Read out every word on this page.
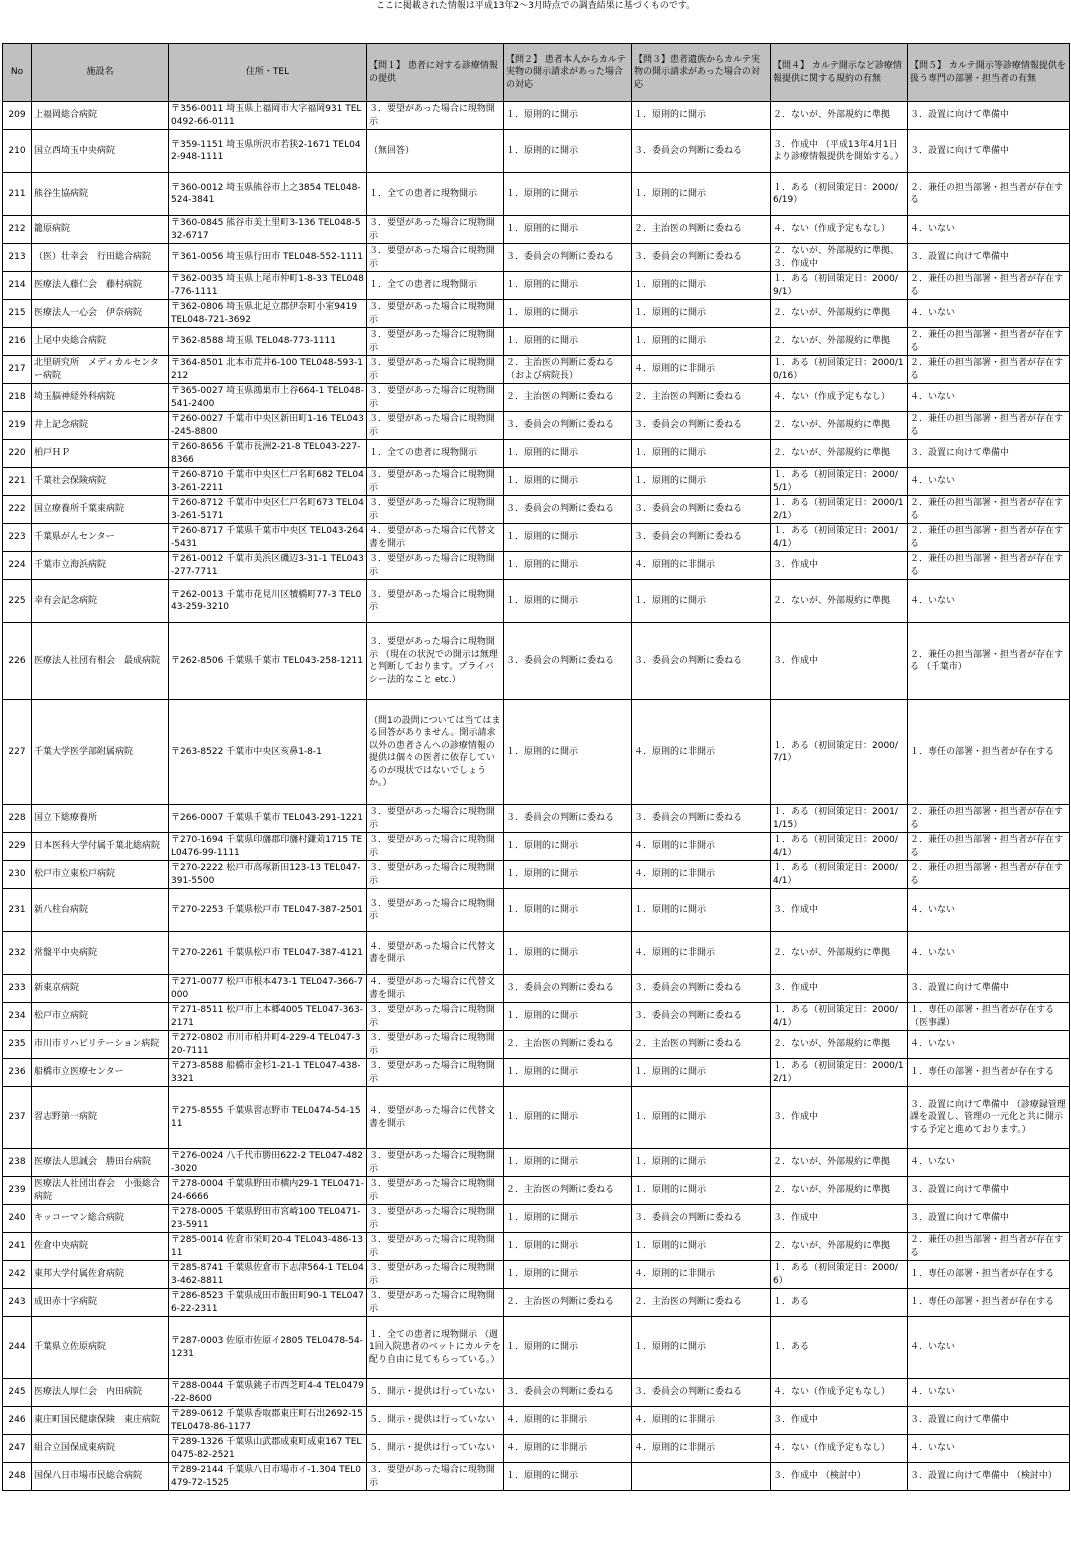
ここに掲載された情報は平成13年2〜3月時点での調査結果に基づくものです。
No	施設名	住所・TEL	【問１】 患者に対する診療情報の提供	【問２】 患者本人からカルテ実物の開示請求があった場合の対応	【問３】患者遺族からカルテ実物の開示請求があった場合の対応	【問４】 カルテ開示など診療情報提供に関する規約の有無	【問５】 カルテ開示等診療情報提供を扱う専門の部署・担当者の有無
209	上福岡総合病院	〒356-0011 埼玉県上福岡市大字福岡931 TEL0492-66-0111	３．要望があった場合に現物開示	１．原則的に開示	１．原則的に開示	２．ないが、外部規約に準拠	３．設置に向けて準備中
210	国立西埼玉中央病院	〒359-1151 埼玉県所沢市若狭2-1671 TEL042-948-1111	（無回答）	１．原則的に開示	３．委員会の判断に委ねる	３．作成中 （平成13年4月1日より診療情報提供を開始する。）	３．設置に向けて準備中
211	熊谷生協病院	〒360-0012 埼玉県熊谷市上之3854 TEL048-524-3841	１．全ての患者に現物開示	１．原則的に開示	１．原則的に開示	１．ある（初回策定日：2000/6/19）	２．兼任の担当部署・担当者が存在する
212	籠原病院	〒360-0845 熊谷市美土里町3-136 TEL048-532-6717	３．要望があった場合に現物開示	１．原則的に開示	２．主治医の判断に委ねる	４．ない（作成予定もなし）	４．いない
213	（医）壮幸会　行田総合病院	〒361-0056 埼玉県行田市 TEL048-552-1111	３．要望があった場合に現物開示	３．委員会の判断に委ねる	３．委員会の判断に委ねる	２．ないが、外部規約に準拠、３．作成中	３．設置に向けて準備中
214	医療法人藤仁会　藤村病院	〒362-0035 埼玉県上尾市仲町1-8-33 TEL048-776-1111	１．全ての患者に現物開示	１．原則的に開示	１．原則的に開示	１．ある（初回策定日：2000/9/1）	２．兼任の担当部署・担当者が存在する
215	医療法人一心会　伊奈病院	〒362-0806 埼玉県北足立郡伊奈町小室9419 TEL048-721-3692	３．要望があった場合に現物開示	１．原則的に開示	１．原則的に開示	２．ないが、外部規約に準拠	４．いない
216	上尾中央総合病院	〒362-8588 埼玉県 TEL048-773-1111	３．要望があった場合に現物開示	１．原則的に開示	１．原則的に開示	２．ないが、外部規約に準拠	２．兼任の担当部署・担当者が存在する
217	北里研究所　メディカルセンター病院	〒364-8501 北本市荒井6-100 TEL048-593-1212	３．要望があった場合に現物開示	２．主治医の判断に委ねる（および病院長）	４．原則的に非開示	１．ある（初回策定日：2000/10/16）	２．兼任の担当部署・担当者が存在する
218	埼玉脳神経外科病院	〒365-0027 埼玉県鴻巣市上谷664-1 TEL048-541-2400	３．要望があった場合に現物開示	２．主治医の判断に委ねる	２．主治医の判断に委ねる	４．ない（作成予定もなし）	４．いない
219	井上記念病院	〒260-0027 千葉市中央区新田町1-16 TEL043-245-8800	３．要望があった場合に現物開示	３．委員会の判断に委ねる	３．委員会の判断に委ねる	２．ないが、外部規約に準拠	２．兼任の担当部署・担当者が存在する
220	柏戸ＨＰ	〒260-8656 千葉市長洲2-21-8 TEL043-227-8366	１．全ての患者に現物開示	１．原則的に開示	１．原則的に開示	２．ないが、外部規約に準拠	３．設置に向けて準備中
221	千葉社会保険病院	〒260-8710 千葉市中央区仁戸名町682 TEL043-261-2211	３．要望があった場合に現物開示	１．原則的に開示	１．原則的に開示	１．ある（初回策定日：2000/5/1）	４．いない
222	国立療養所千葉東病院	〒260-8712 千葉市中央区仁戸名町673 TEL043-261-5171	３．要望があった場合に現物開示	３．委員会の判断に委ねる	３．委員会の判断に委ねる	１．ある（初回策定日：2000/12/1）	２．兼任の担当部署・担当者が存在する
223	千葉県がんセンター	〒260-8717 千葉県千葉市中央区 TEL043-264-5431	４．要望があった場合に代替文書を開示	１．原則的に開示	３．委員会の判断に委ねる	１．ある（初回策定日：2001/4/1）	２．兼任の担当部署・担当者が存在する
224	千葉市立海浜病院	〒261-0012 千葉市美浜区磯辺3-31-1 TEL043-277-7711	３．要望があった場合に現物開示	１．原則的に開示	４．原則的に非開示	３．作成中	２．兼任の担当部署・担当者が存在する
225	幸有会記念病院	〒262-0013 千葉市花見川区犢橋町77-3 TEL043-259-3210	３．要望があった場合に現物開示	１．原則的に開示	１．原則的に開示	２．ないが、外部規約に準拠	４．いない
226	医療法人社団有相会　最成病院	〒262-8506 千葉県千葉市 TEL043-258-1211	３．要望があった場合に現物開示 （現在の状況での開示は無理と判断しております。プライバシー法的なこと etc.）	３．委員会の判断に委ねる	３．委員会の判断に委ねる	３．作成中	２．兼任の担当部署・担当者が存在する （千葉市）
227	千葉大学医学部附属病院	〒263-8522 千葉市中央区亥鼻1-8-1	（問1の設問については当てはまる回答がありません。開示請求以外の患者さんへの診療情報の提供は個々の医者に依存しているのが現状ではないでしょうか。）	１．原則的に開示	４．原則的に非開示	１．ある（初回策定日：2000/7/1）	１．専任の部署・担当者が存在する
228	国立下総療養所	〒266-0007 千葉県千葉市 TEL043-291-1221	３．要望があった場合に現物開示	３．委員会の判断に委ねる	３．委員会の判断に委ねる	１．ある（初回策定日：2001/1/15）	２．兼任の担当部署・担当者が存在する
229	日本医科大学付属千葉北総病院	〒270-1694 千葉県印旛郡印旛村鎌苅1715 TEL0476-99-1111	３．要望があった場合に現物開示	１．原則的に開示	４．原則的に非開示	１．ある（初回策定日：2000/4/1）	２．兼任の担当部署・担当者が存在する
230	松戸市立東松戸病院	〒270-2222 松戸市高塚新田123-13 TEL047-391-5500	３．要望があった場合に現物開示	１．原則的に開示	４．原則的に非開示	１．ある（初回策定日：2000/4/1）	２．兼任の担当部署・担当者が存在する
231	新八柱台病院	〒270-2253 千葉県松戸市 TEL047-387-2501	３．要望があった場合に現物開示	１．原則的に開示	１．原則的に開示	３．作成中	４．いない
232	常盤平中央病院	〒270-2261 千葉県松戸市 TEL047-387-4121	４．要望があった場合に代替文書を開示	１．原則的に開示	４．原則的に非開示	２．ないが、外部規約に準拠	４．いない
233	新東京病院	〒271-0077 松戸市根本473-1 TEL047-366-7000	４．要望があった場合に代替文書を開示	３．委員会の判断に委ねる	３．委員会の判断に委ねる	３．作成中	３．設置に向けて準備中
234	松戸市立病院	〒271-8511 松戸市上本郷4005 TEL047-363-2171	３．要望があった場合に現物開示	１．原則的に開示	３．委員会の判断に委ねる	１．ある（初回策定日：2000/4/1）	１．専任の部署・担当者が存在する （医事課）
235	市川市リハビリテーション病院	〒272-0802 市川市柏井町4-229-4 TEL047-320-7111	３．要望があった場合に現物開示	２．主治医の判断に委ねる	２．主治医の判断に委ねる	２．ないが、外部規約に準拠	４．いない
236	船橋市立医療センター	〒273-8588 船橋市金杉1-21-1 TEL047-438-3321	３．要望があった場合に現物開示	１．原則的に開示	１．原則的に開示	１．ある（初回策定日：2000/12/1）	１．専任の部署・担当者が存在する
237	習志野第一病院	〒275-8555 千葉県習志野市 TEL0474-54-1511	４．要望があった場合に代替文書を開示	１．原則的に開示	１．原則的に開示	３．作成中	３．設置に向けて準備中 （診療録管理課を設置し、管理の一元化と共に開示する予定と進めております。）
238	医療法人思誠会　勝田台病院	〒276-0024 八千代市勝田622-2 TEL047-482-3020	３．要望があった場合に現物開示	１．原則的に開示	１．原則的に開示	２．ないが、外部規約に準拠	４．いない
239	医療法人社団出春会　小張総合病院	〒278-0004 千葉県野田市横内29-1 TEL0471-24-6666	３．要望があった場合に現物開示	２．主治医の判断に委ねる	１．原則的に開示	２．ないが、外部規約に準拠	３．設置に向けて準備中
240	キッコーマン総合病院	〒278-0005 千葉県野田市宮崎100 TEL0471-23-5911	３．要望があった場合に現物開示	１．原則的に開示	３．委員会の判断に委ねる	３．作成中	３．設置に向けて準備中
241	佐倉中央病院	〒285-0014 佐倉市栄町20-4 TEL043-486-1311	３．要望があった場合に現物開示	１．原則的に開示	１．原則的に開示	２．ないが、外部規約に準拠	２．兼任の担当部署・担当者が存在する
242	東邦大学付属佐倉病院	〒285-8741 千葉県佐倉市下志津564-1 TEL043-462-8811	３．要望があった場合に現物開示	１．原則的に開示	４．原則的に非開示	１．ある（初回策定日：2000/6）	１．専任の部署・担当者が存在する
243	成田赤十字病院	〒286-8523 千葉県成田市飯田町90-1 TEL0476-22-2311	３．要望があった場合に現物開示	２．主治医の判断に委ねる	２．主治医の判断に委ねる	１．ある	１．専任の部署・担当者が存在する
244	千葉県立佐原病院	〒287-0003 佐原市佐原イ2805 TEL0478-54-1231	１．全ての患者に現物開示 （週1回入院患者のベットにカルテを配り自由に見てもらっている。）	１．原則的に開示	１．原則的に開示	１．ある	４．いない
245	医療法人厚仁会　内田病院	〒288-0044 千葉県銚子市西芝町4-4 TEL0479-22-8600	５．開示・提供は行っていない	３．委員会の判断に委ねる	３．委員会の判断に委ねる	４．ない（作成予定もなし）	４．いない
246	東庄町国民健康保険　東庄病院	〒289-0612 千葉県香取郡東庄町石出2692-15 TEL0478-86-1177	５．開示・提供は行っていない	４．原則的に非開示	４．原則的に非開示	３．作成中	３．設置に向けて準備中
247	組合立国保成東病院	〒289-1326 千葉県山武郡成東町成東167 TEL0475-82-2521	５．開示・提供は行っていない	４．原則的に非開示	４．原則的に非開示	４．ない（作成予定もなし）	４．いない
248	国保八日市場市民総合病院	〒289-2144 千葉県八日市場市イ-1.304 TEL0479-72-1525	３．要望があった場合に現物開示	１．原則的に開示		３．作成中 （検討中）	３．設置に向けて準備中 （検討中）
